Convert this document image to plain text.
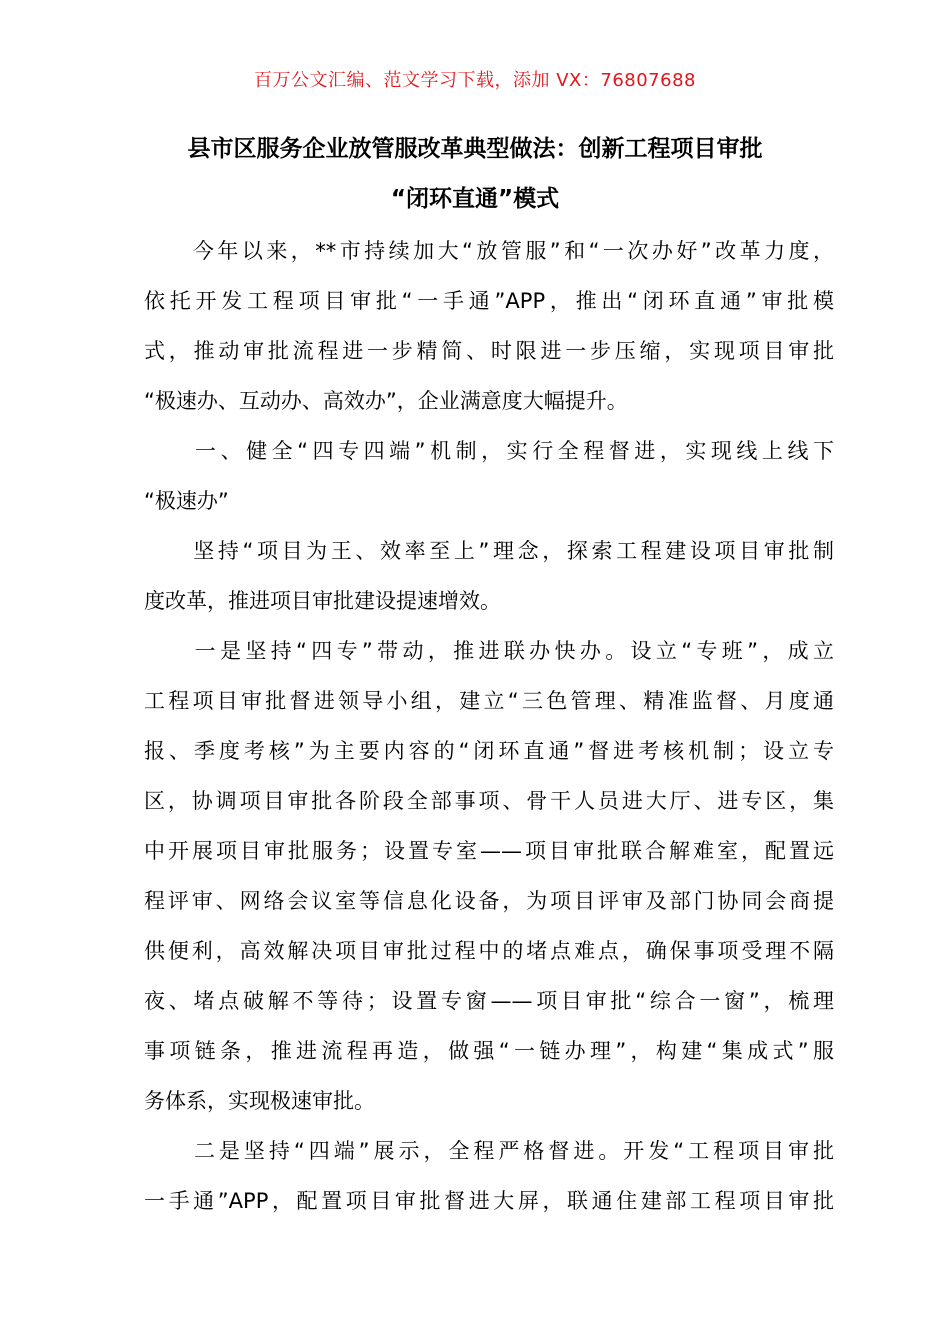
百万公文汇编、范文学习下载，添加 VX：76807688
县市区服务企业放管服改革典型做法：创新工程项目审批
“闭环直通”模式
　　今年以来，**市持续加大“放管服”和“一次办好”改革力度，
依托开发工程项目审批“一手通”APP，推出“闭环直通”审批模
式，推动审批流程进一步精简、时限进一步压缩，实现项目审批
“极速办、互动办、高效办”，企业满意度大幅提升。
　　一、健全“四专四端”机制，实行全程督进，实现线上线下
“极速办”
　　坚持“项目为王、效率至上”理念，探索工程建设项目审批制
度改革，推进项目审批建设提速增效。
　　一是坚持“四专”带动，推进联办快办。设立“专班”，成立
工程项目审批督进领导小组，建立“三色管理、精准监督、月度通
报、季度考核”为主要内容的“闭环直通”督进考核机制；设立专
区，协调项目审批各阶段全部事项、骨干人员进大厅、进专区，集
中开展项目审批服务；设置专室——项目审批联合解难室，配置远
程评审、网络会议室等信息化设备，为项目评审及部门协同会商提
供便利，高效解决项目审批过程中的堵点难点，确保事项受理不隔
夜、堵点破解不等待；设置专窗——项目审批“综合一窗”，梳理
事项链条，推进流程再造，做强“一链办理”，构建“集成式”服
务体系，实现极速审批。
　　二是坚持“四端”展示，全程严格督进。开发“工程项目审批
一手通”APP，配置项目审批督进大屏，联通住建部工程项目审批
